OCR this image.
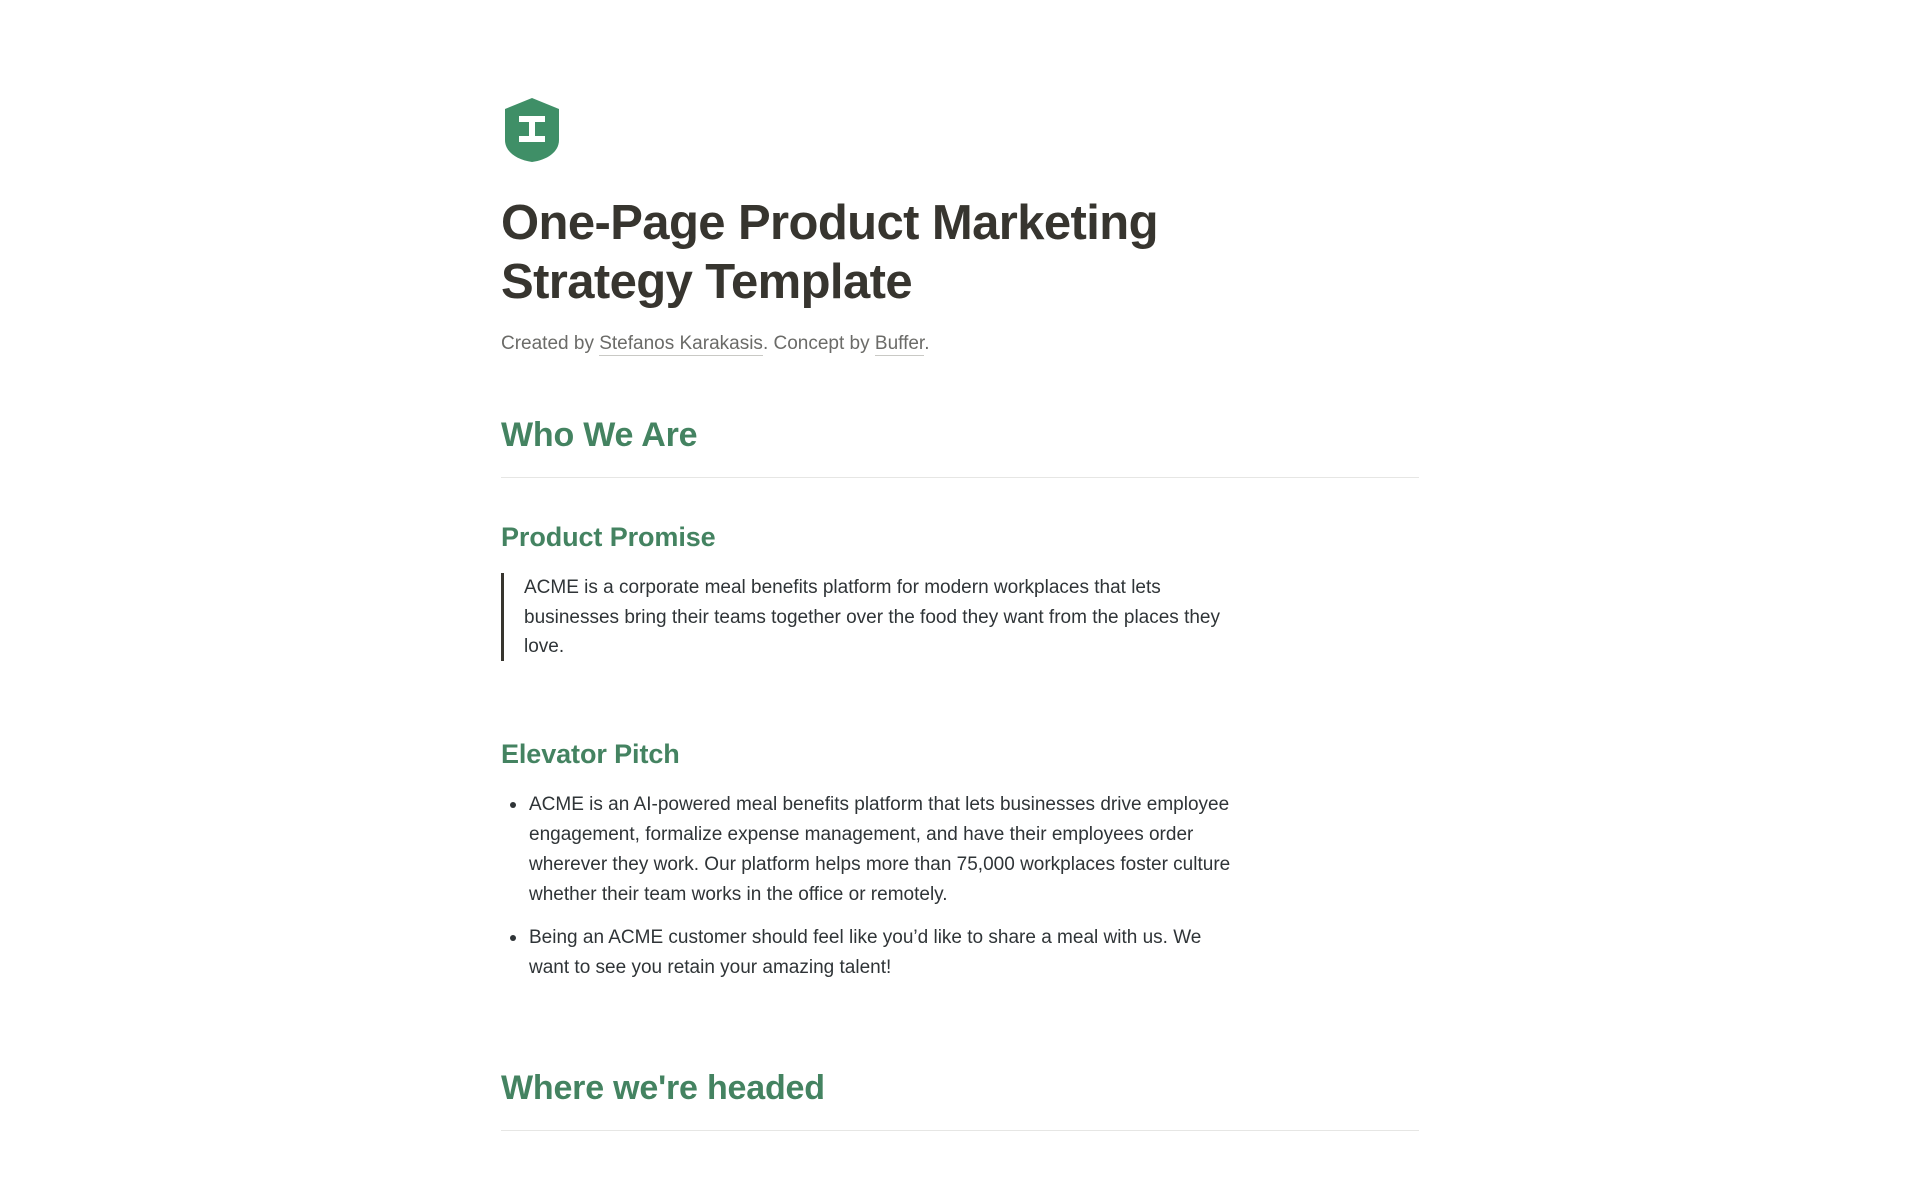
One-Page Product Marketing Strategy Template

Created by Stefanos Karakasis. Concept by Buffer.

Who We Are
Product Promise
ACME is a corporate meal benefits platform for modern workplaces that lets businesses bring their teams together over the food they want from the places they love.
Elevator Pitch
ACME is an AI-powered meal benefits platform that lets businesses drive employee engagement, formalize expense management, and have their employees order wherever they work. Our platform helps more than 75,000 workplaces foster culture whether their team works in the office or remotely.
Being an ACME customer should feel like you’d like to share a meal with us. We want to see you retain your amazing talent!
Where we're headed
